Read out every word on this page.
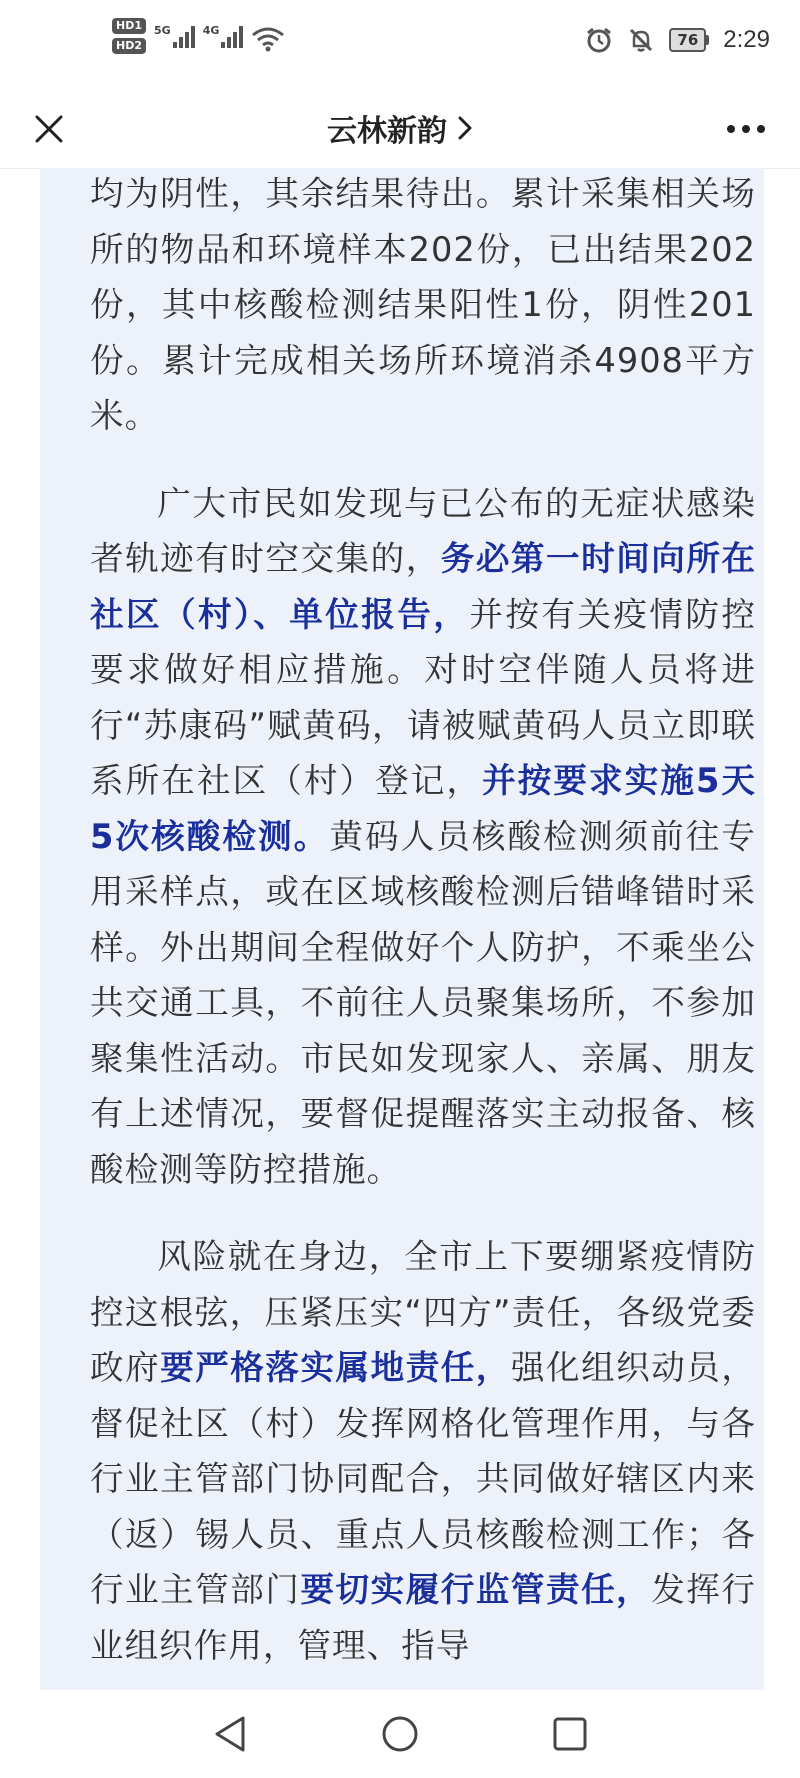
HD1
HD2
5G	4G
76	2:29
云林新韵

均为阴性，其余结果待出。累计采集相关场所的物品和环境样本202份，已出结果202份，其中核酸检测结果阳性1份，阴性201份。累计完成相关场所环境消杀4908平方米。

广大市民如发现与已公布的无症状感染者轨迹有时空交集的，务必第一时间向所在社区（村）、单位报告，并按有关疫情防控要求做好相应措施。对时空伴随人员将进行“苏康码”赋黄码，请被赋黄码人员立即联系所在社区（村）登记，并按要求实施5天5次核酸检测。黄码人员核酸检测须前往专用采样点，或在区域核酸检测后错峰错时采样。外出期间全程做好个人防护，不乘坐公共交通工具，不前往人员聚集场所，不参加聚集性活动。市民如发现家人、亲属、朋友有上述情况，要督促提醒落实主动报备、核酸检测等防控措施。

风险就在身边，全市上下要绷紧疫情防控这根弦，压紧压实“四方”责任，各级党委政府要严格落实属地责任，强化组织动员，督促社区（村）发挥网格化管理作用，与各行业主管部门协同配合，共同做好辖区内来（返）锡人员、重点人员核酸检测工作；各行业主管部门要切实履行监管责任，发挥行业组织作用，管理、指导
